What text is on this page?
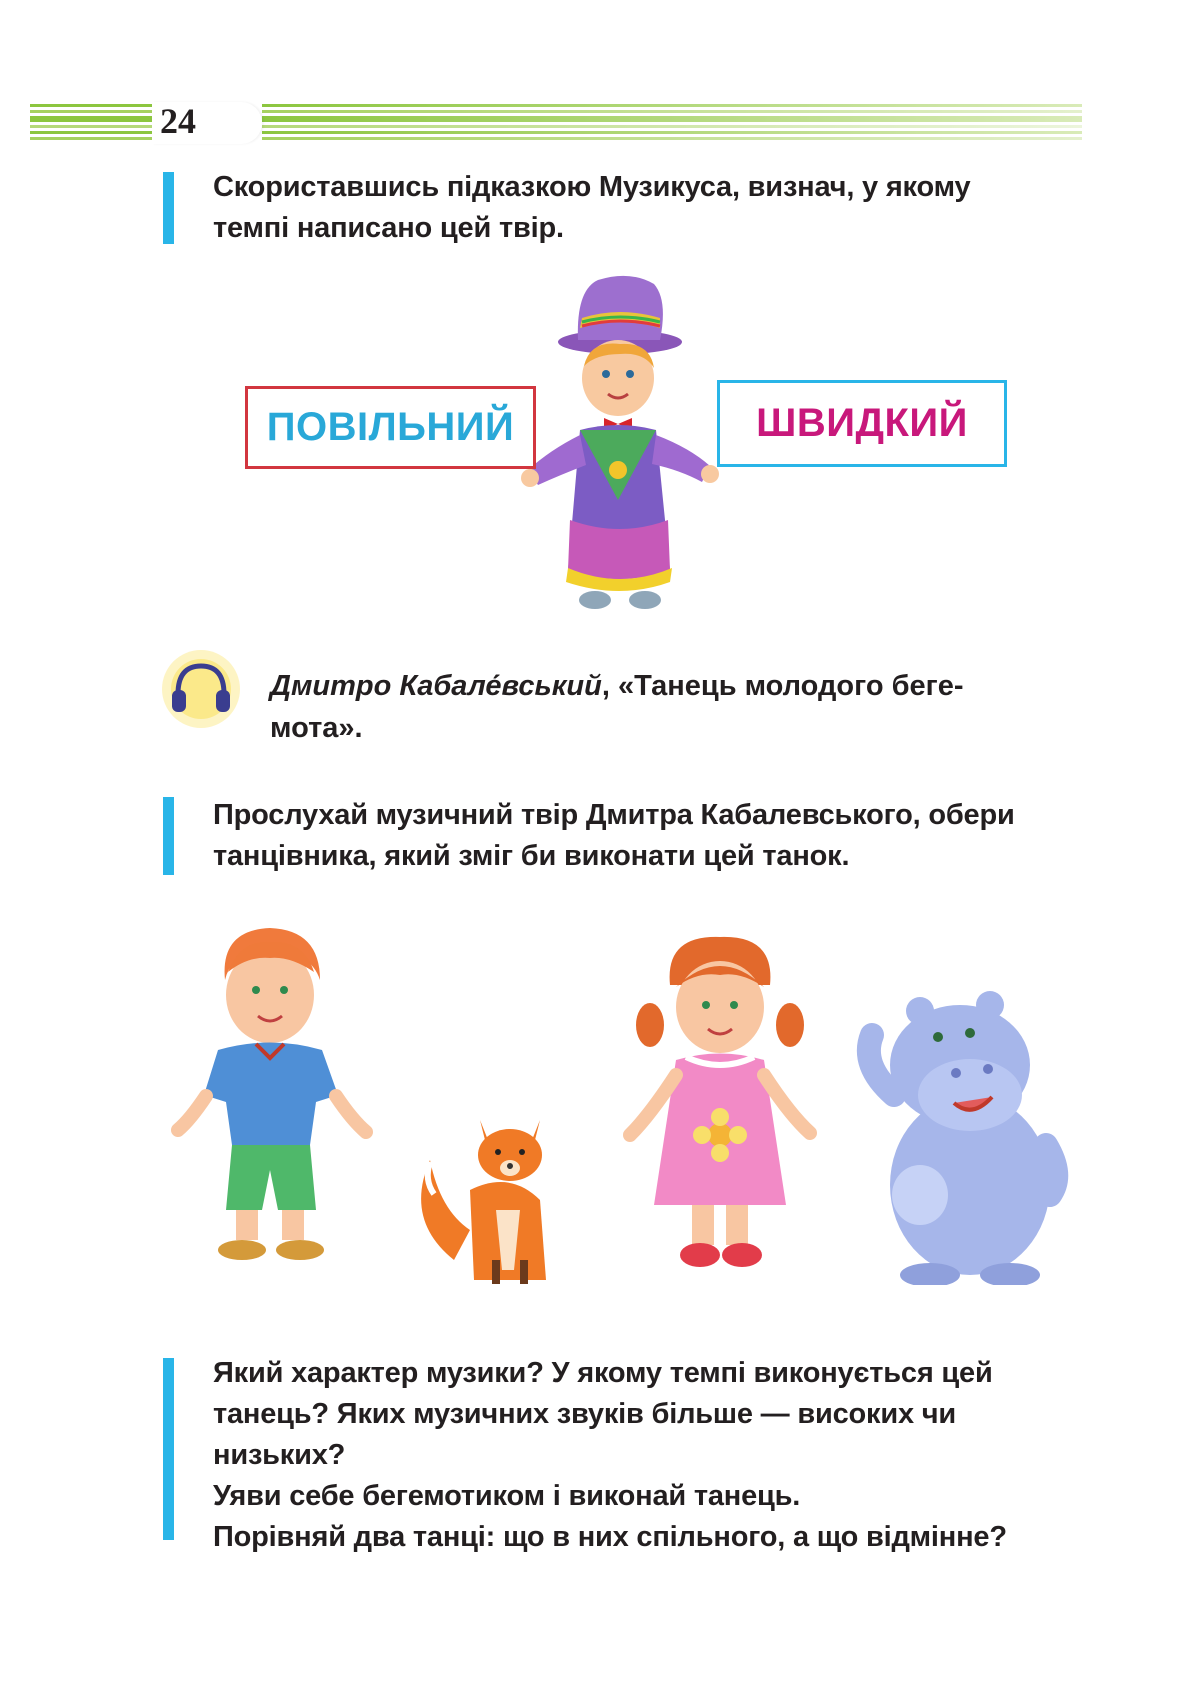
24

Скориставшись підказкою Музикуса, визнач, у якому

темпі написано цей твір.

ПОВІЛЬНИЙ	ШВИДКИЙ
Дмитро Кабале́вський, «Танець молодого беге-
мота».

Прослухай музичний твір Дмитра Кабалевського, обери

танцівника, який зміг би виконати цей танок.

Який характер музики? У якому темпі виконується цей

танець? Яких музичних звуків більше — високих чи

низьких?

Уяви себе бегемотиком і виконай танець.

Порівняй два танці: що в них спільного, а що відмінне?
